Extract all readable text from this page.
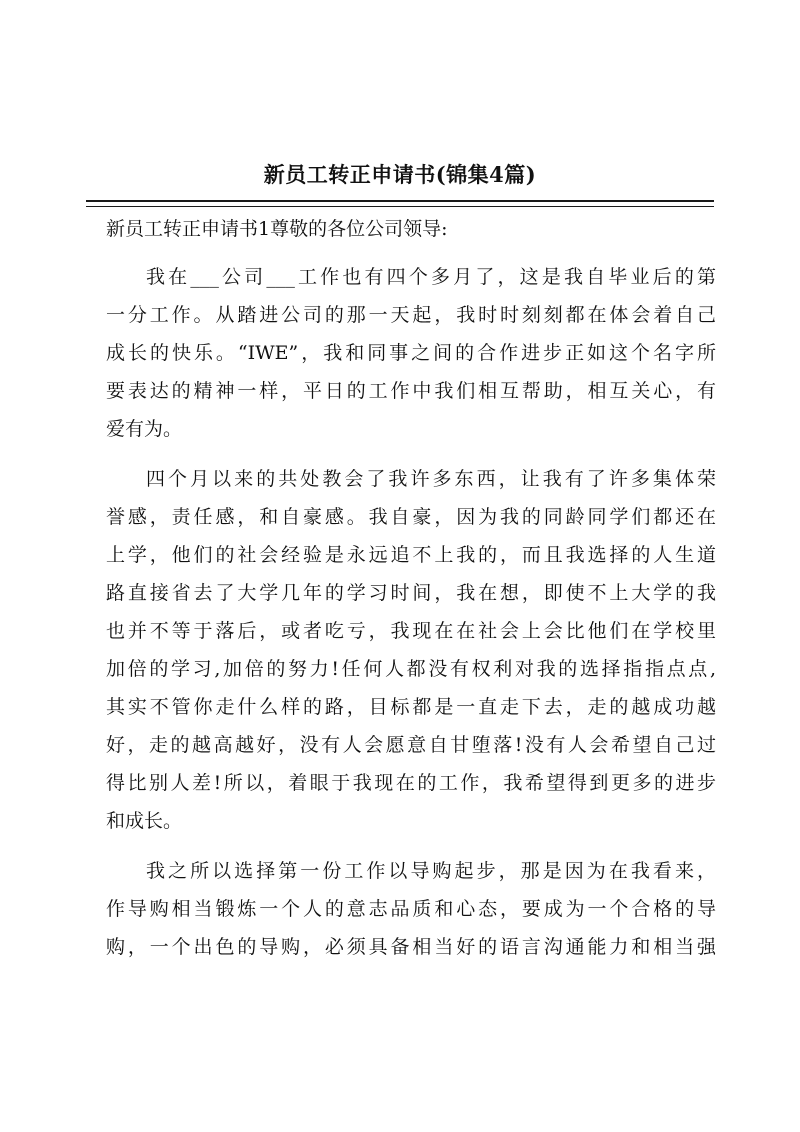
新员工转正申请书(锦集4篇)
新员工转正申请书1尊敬的各位公司领导:
我在___公司___工作也有四个多月了，这是我自毕业后的第
一分工作。从踏进公司的那一天起，我时时刻刻都在体会着自己
成长的快乐。“IWE”，我和同事之间的合作进步正如这个名字所
要表达的精神一样，平日的工作中我们相互帮助，相互关心，有
爱有为。
四个月以来的共处教会了我许多东西，让我有了许多集体荣
誉感，责任感，和自豪感。我自豪，因为我的同龄同学们都还在
上学，他们的社会经验是永远追不上我的，而且我选择的人生道
路直接省去了大学几年的学习时间，我在想，即使不上大学的我
也并不等于落后，或者吃亏，我现在在社会上会比他们在学校里
加倍的学习,加倍的努力!任何人都没有权利对我的选择指指点点,
其实不管你走什么样的路，目标都是一直走下去，走的越成功越
好，走的越高越好，没有人会愿意自甘堕落!没有人会希望自己过
得比别人差!所以，着眼于我现在的工作，我希望得到更多的进步
和成长。
我之所以选择第一份工作以导购起步，那是因为在我看来，
作导购相当锻炼一个人的意志品质和心态，要成为一个合格的导
购，一个出色的导购，必须具备相当好的语言沟通能力和相当强
